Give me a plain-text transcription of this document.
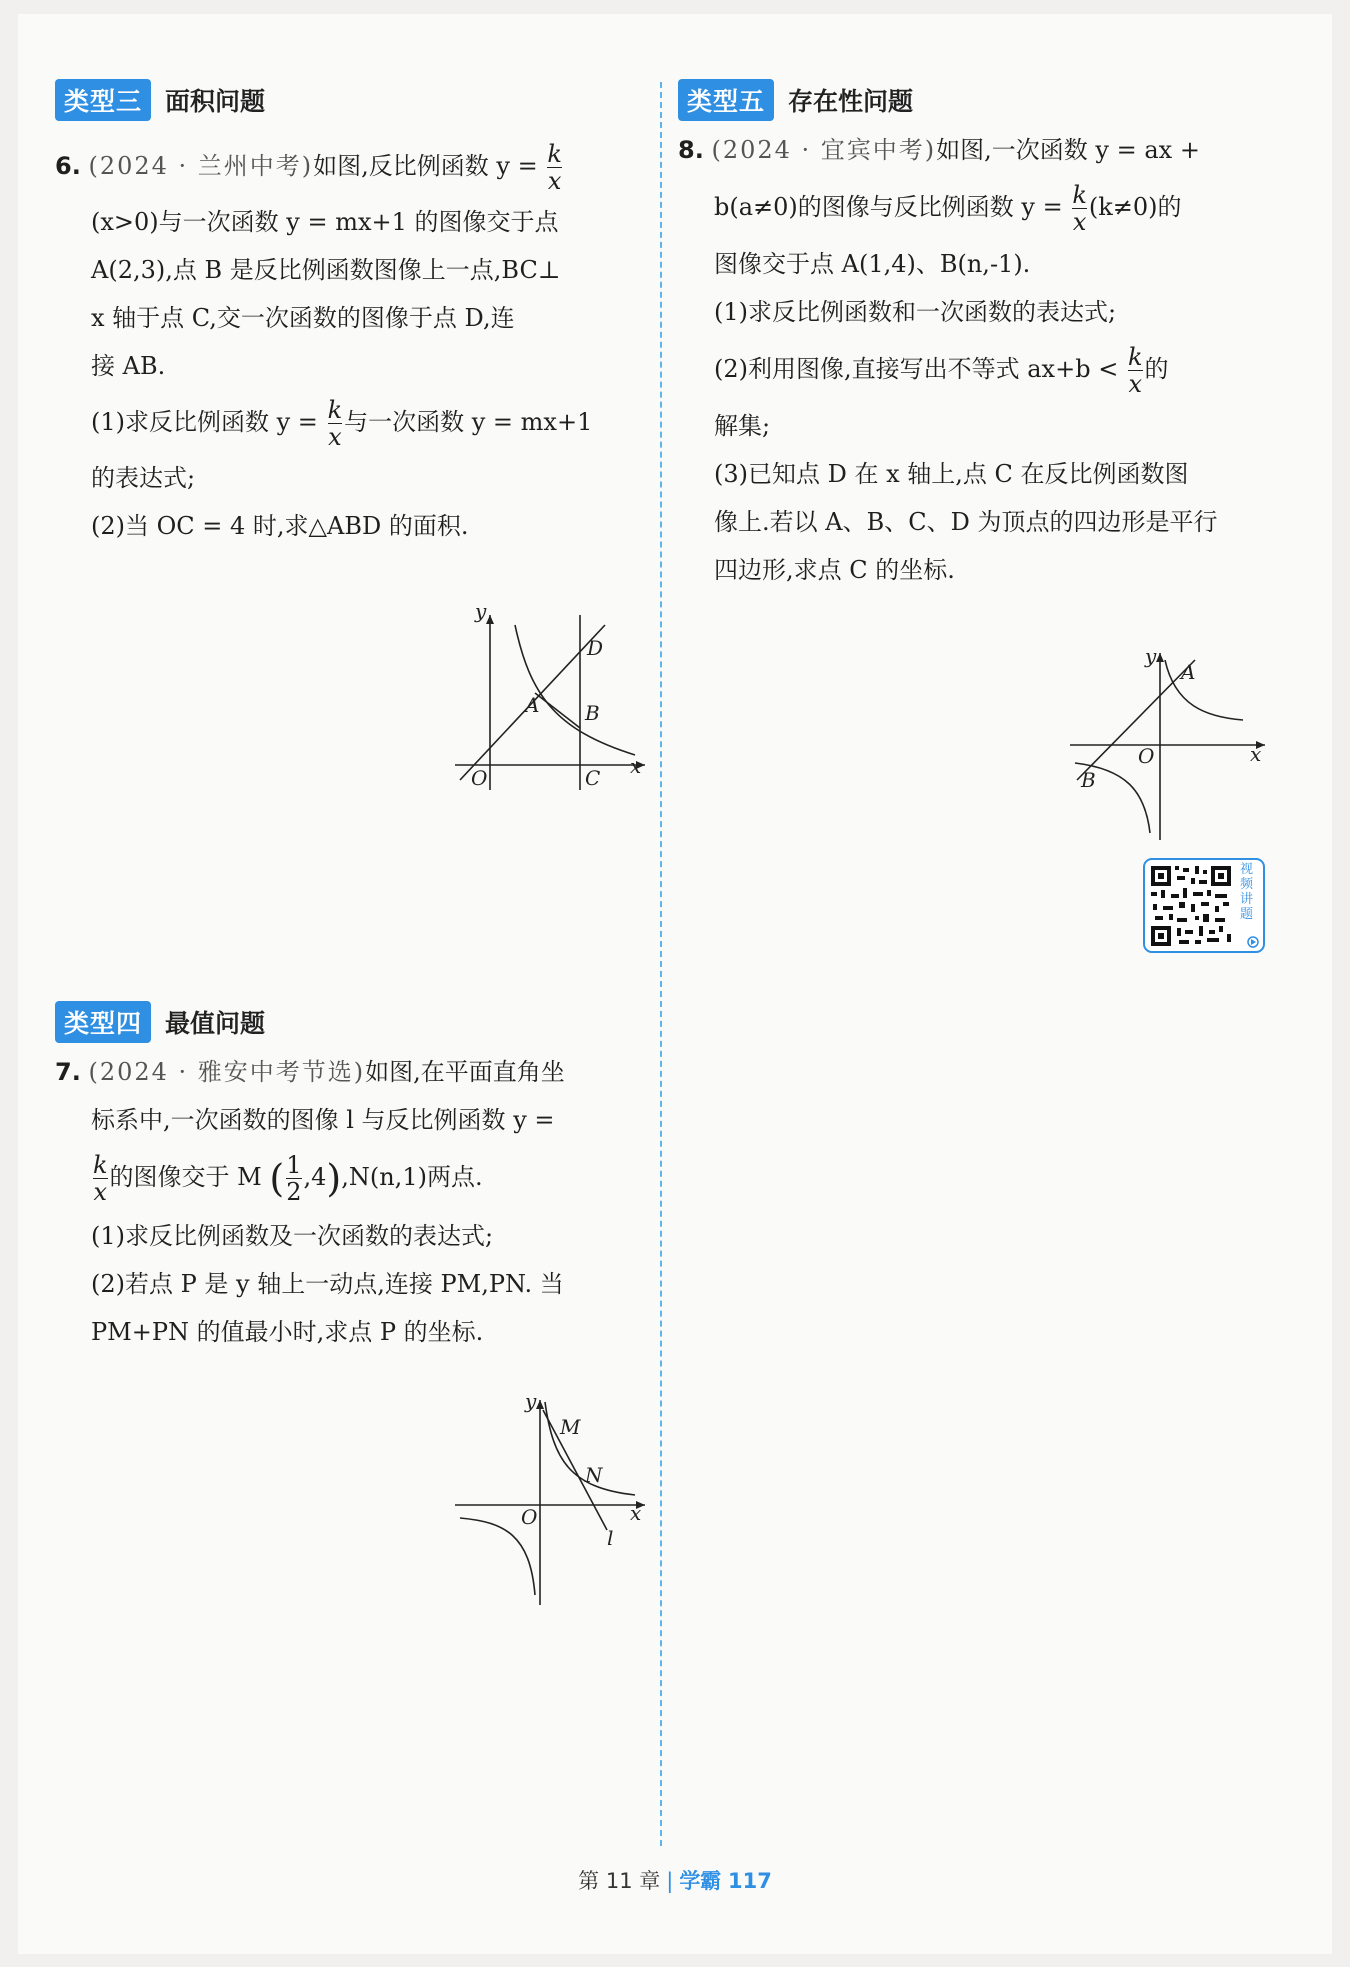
类型三 面积问题
6. (2024 · 兰州中考)如图,反比例函数 $y = \frac{k}{x}$
(x>0)与一次函数 y = mx+1 的图像交于点
A(2,3),点 B 是反比例函数图像上一点,BC⊥
x 轴于点 C,交一次函数的图像于点 D,连
接 AB.
(1)求反比例函数 $y = \frac{k}{x}$ 与一次函数 y = mx+1
的表达式;
(2)当 OC = 4 时,求△ABD 的面积.
y
x
O
A B
C
D
类型四 最值问题
7. (2024 · 雅安中考节选)如图,在平面直角坐
标系中,一次函数的图像 l 与反比例函数 y =
$\frac{k}{x}$ 的图像交于 M ( $\frac{1}{2} ,4),N(n,1)$两点.
(1)求反比例函数及一次函数的表达式;
(2)若点 P 是 y 轴上一动点,连接 PM,PN. 当
PM+PN 的值最小时,求点 P 的坐标.
y
x
O
M
N
l
类型五 存在性问题
8. (2024 · 宜宾中考)如图,一次函数 y = ax +
b(a≠0)的图像与反比例函数 $y = \frac{k}{x} (k\ne 0)$的
图像交于点 A(1,4)、B(n,-1).
(1)求反比例函数和一次函数的表达式;
(2)利用图像,直接写出不等式 $ax+b < \frac{k}{x}$ 的
解集;
(3)已知点 D 在 x 轴上,点 C 在反比例函数图
像上.若以 A、B、C、D 为顶点的四边形是平行
四边形,求点 C 的坐标.
y
x
O
A
B
视频讲题
第 11 章 | 学霸 117
